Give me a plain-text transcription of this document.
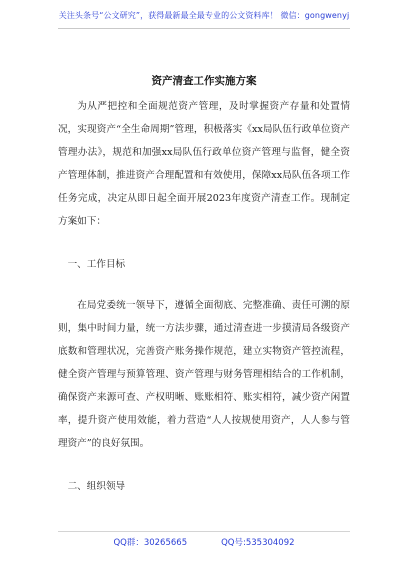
关注头条号“公文研究”，获得最新最全最专业的公文资料库！ 微信：gongwenyj
资产清查工作实施方案

为从严把控和全面规范资产管理，及时掌握资产存量和处置情况，实现资产“全生命周期”管理，积极落实《xx局队伍行政单位资产管理办法》，规范和加强xx局队伍行政单位资产管理与监督，健全资产管理体制，推进资产合理配置和有效使用，保障xx局队伍各项工作任务完成，决定从即日起全面开展2023年度资产清查工作。现制定方案如下：

一、工作目标

在局党委统一领导下，遵循全面彻底、完整准确、责任可溯的原则，集中时间力量，统一方法步骤，通过清查进一步摸清局各级资产底数和管理状况，完善资产账务操作规范，建立实物资产管控流程，健全资产管理与预算管理、资产管理与财务管理相结合的工作机制，确保资产来源可查、产权明晰、账账相符、账实相符，减少资产闲置率，提升资产使用效能，着力营造“人人按规使用资产，人人参与管理资产”的良好氛围。

二、组织领导

QQ群：30265665	QQ号:535304092
